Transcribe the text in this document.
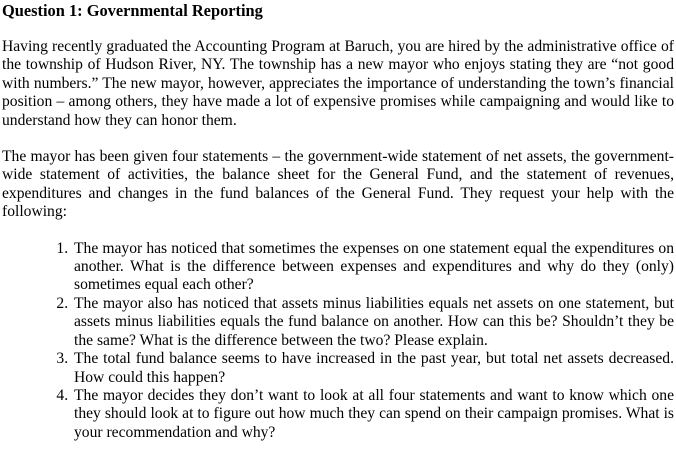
Question 1: Governmental Reporting

Having recently graduated the Accounting Program at Baruch, you are hired by the administrative office of the township of Hudson River, NY. The township has a new mayor who enjoys stating they are “not good with numbers.” The new mayor, however, appreciates the importance of understanding the town’s financial position – among others, they have made a lot of expensive promises while campaigning and would like to understand how they can honor them.

The mayor has been given four statements – the government-wide statement of net assets, the government-wide statement of activities, the balance sheet for the General Fund, and the statement of revenues, expenditures and changes in the fund balances of the General Fund. They request your help with the following:

1. The mayor has noticed that sometimes the expenses on one statement equal the expenditures on another. What is the difference between expenses and expenditures and why do they (only) sometimes equal each other?
2. The mayor also has noticed that assets minus liabilities equals net assets on one statement, but assets minus liabilities equals the fund balance on another. How can this be? Shouldn’t they be the same? What is the difference between the two? Please explain.
3. The total fund balance seems to have increased in the past year, but total net assets decreased. How could this happen?
4. The mayor decides they don’t want to look at all four statements and want to know which one they should look at to figure out how much they can spend on their campaign promises. What is your recommendation and why?
